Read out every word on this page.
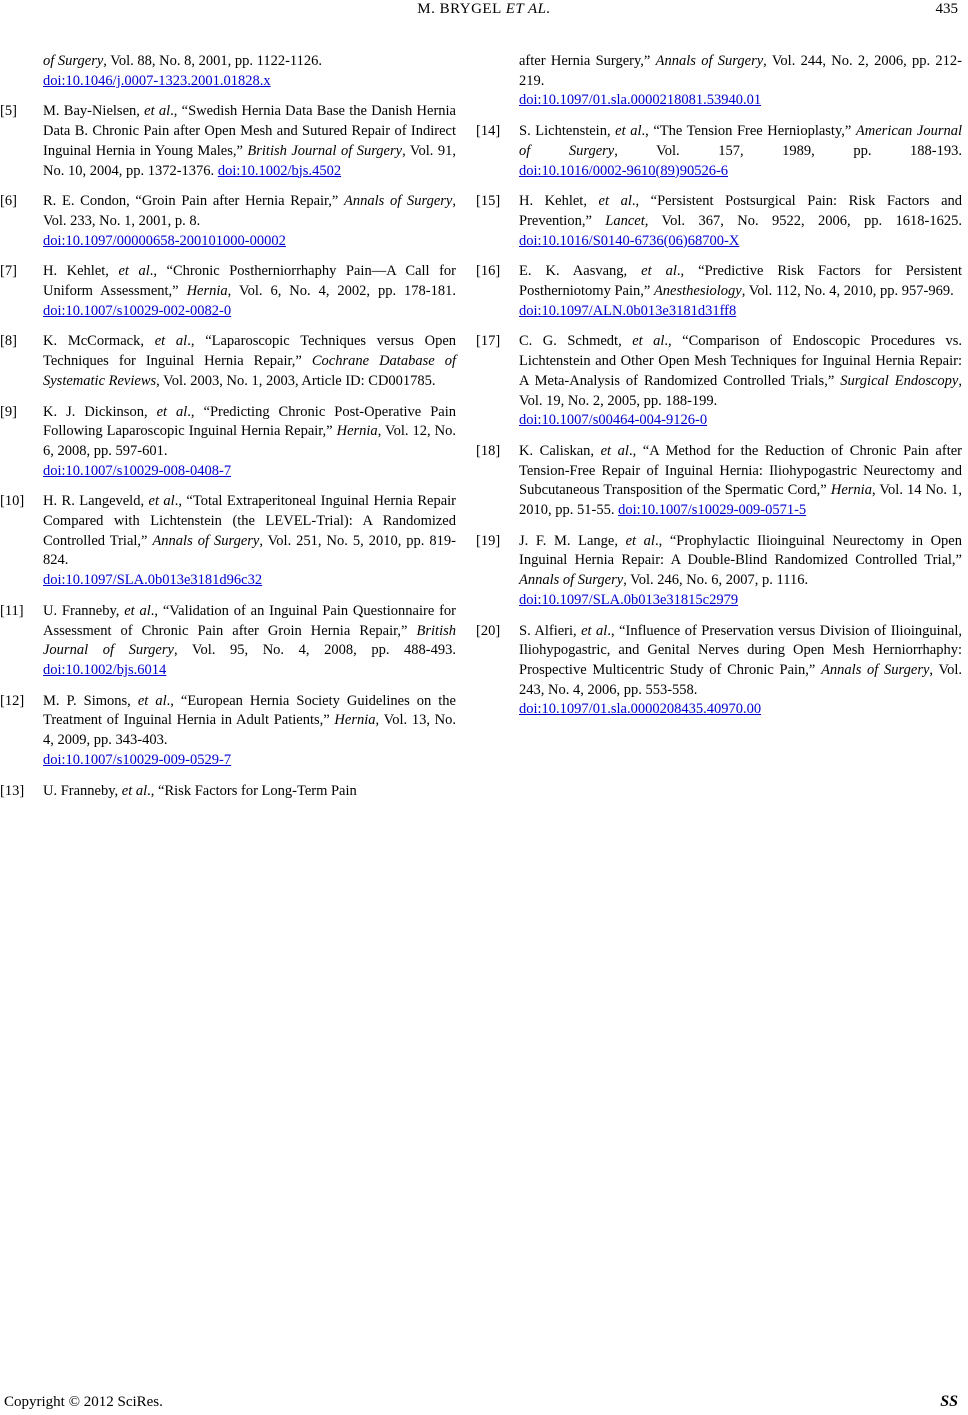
M. BRYGEL ET AL.	435
of Surgery, Vol. 88, No. 8, 2001, pp. 1122-1126.
doi:10.1046/j.0007-1323.2001.01828.x
[5]	M. Bay-Nielsen, et al., “Swedish Hernia Data Base the Danish Hernia Data B. Chronic Pain after Open Mesh and Sutured Repair of Indirect Inguinal Hernia in Young Males,” British Journal of Surgery, Vol. 91, No. 10, 2004, pp. 1372-1376. doi:10.1002/bjs.4502
[6]	R. E. Condon, “Groin Pain after Hernia Repair,” Annals of Surgery, Vol. 233, No. 1, 2001, p. 8.
doi:10.1097/00000658-200101000-00002
[7]	H. Kehlet, et al., “Chronic Postherniorrhaphy Pain—A Call for Uniform Assessment,” Hernia, Vol. 6, No. 4, 2002, pp. 178-181. doi:10.1007/s10029-002-0082-0
[8]	K. McCormack, et al., “Laparoscopic Techniques versus Open Techniques for Inguinal Hernia Repair,” Cochrane Database of Systematic Reviews, Vol. 2003, No. 1, 2003, Article ID: CD001785.
[9]	K. J. Dickinson, et al., “Predicting Chronic Post-Operative Pain Following Laparoscopic Inguinal Hernia Repair,” Hernia, Vol. 12, No. 6, 2008, pp. 597-601.
doi:10.1007/s10029-008-0408-7
[10]	H. R. Langeveld, et al., “Total Extraperitoneal Inguinal Hernia Repair Compared with Lichtenstein (the LEVEL-Trial): A Randomized Controlled Trial,” Annals of Surgery, Vol. 251, No. 5, 2010, pp. 819-824.
doi:10.1097/SLA.0b013e3181d96c32
[11]	U. Franneby, et al., “Validation of an Inguinal Pain Questionnaire for Assessment of Chronic Pain after Groin Hernia Repair,” British Journal of Surgery, Vol. 95, No. 4, 2008, pp. 488-493. doi:10.1002/bjs.6014
[12]	M. P. Simons, et al., “European Hernia Society Guidelines on the Treatment of Inguinal Hernia in Adult Patients,” Hernia, Vol. 13, No. 4, 2009, pp. 343-403.
doi:10.1007/s10029-009-0529-7
[13]	U. Franneby, et al., “Risk Factors for Long-Term Pain
after Hernia Surgery,” Annals of Surgery, Vol. 244, No. 2, 2006, pp. 212-219.
doi:10.1097/01.sla.0000218081.53940.01
[14]	S. Lichtenstein, et al., “The Tension Free Hernioplasty,” American Journal of Surgery, Vol. 157, 1989, pp. 188-193. doi:10.1016/0002-9610(89)90526-6
[15]	H. Kehlet, et al., “Persistent Postsurgical Pain: Risk Factors and Prevention,” Lancet, Vol. 367, No. 9522, 2006, pp. 1618-1625. doi:10.1016/S0140-6736(06)68700-X
[16]	E. K. Aasvang, et al., “Predictive Risk Factors for Persistent Postherniotomy Pain,” Anesthesiology, Vol. 112, No. 4, 2010, pp. 957-969.
doi:10.1097/ALN.0b013e3181d31ff8
[17]	C. G. Schmedt, et al., “Comparison of Endoscopic Procedures vs. Lichtenstein and Other Open Mesh Techniques for Inguinal Hernia Repair: A Meta-Analysis of Randomized Controlled Trials,” Surgical Endoscopy, Vol. 19, No. 2, 2005, pp. 188-199.
doi:10.1007/s00464-004-9126-0
[18]	K. Caliskan, et al., “A Method for the Reduction of Chronic Pain after Tension-Free Repair of Inguinal Hernia: Iliohypogastric Neurectomy and Subcutaneous Transposition of the Spermatic Cord,” Hernia, Vol. 14 No. 1, 2010, pp. 51-55. doi:10.1007/s10029-009-0571-5
[19]	J. F. M. Lange, et al., “Prophylactic Ilioinguinal Neurectomy in Open Inguinal Hernia Repair: A Double-Blind Randomized Controlled Trial,” Annals of Surgery, Vol. 246, No. 6, 2007, p. 1116.
doi:10.1097/SLA.0b013e31815c2979
[20]	S. Alfieri, et al., “Influence of Preservation versus Division of Ilioinguinal, Iliohypogastric, and Genital Nerves during Open Mesh Herniorrhaphy: Prospective Multicentric Study of Chronic Pain,” Annals of Surgery, Vol. 243, No. 4, 2006, pp. 553-558.
doi:10.1097/01.sla.0000208435.40970.00
Copyright © 2012 SciRes.	SS
